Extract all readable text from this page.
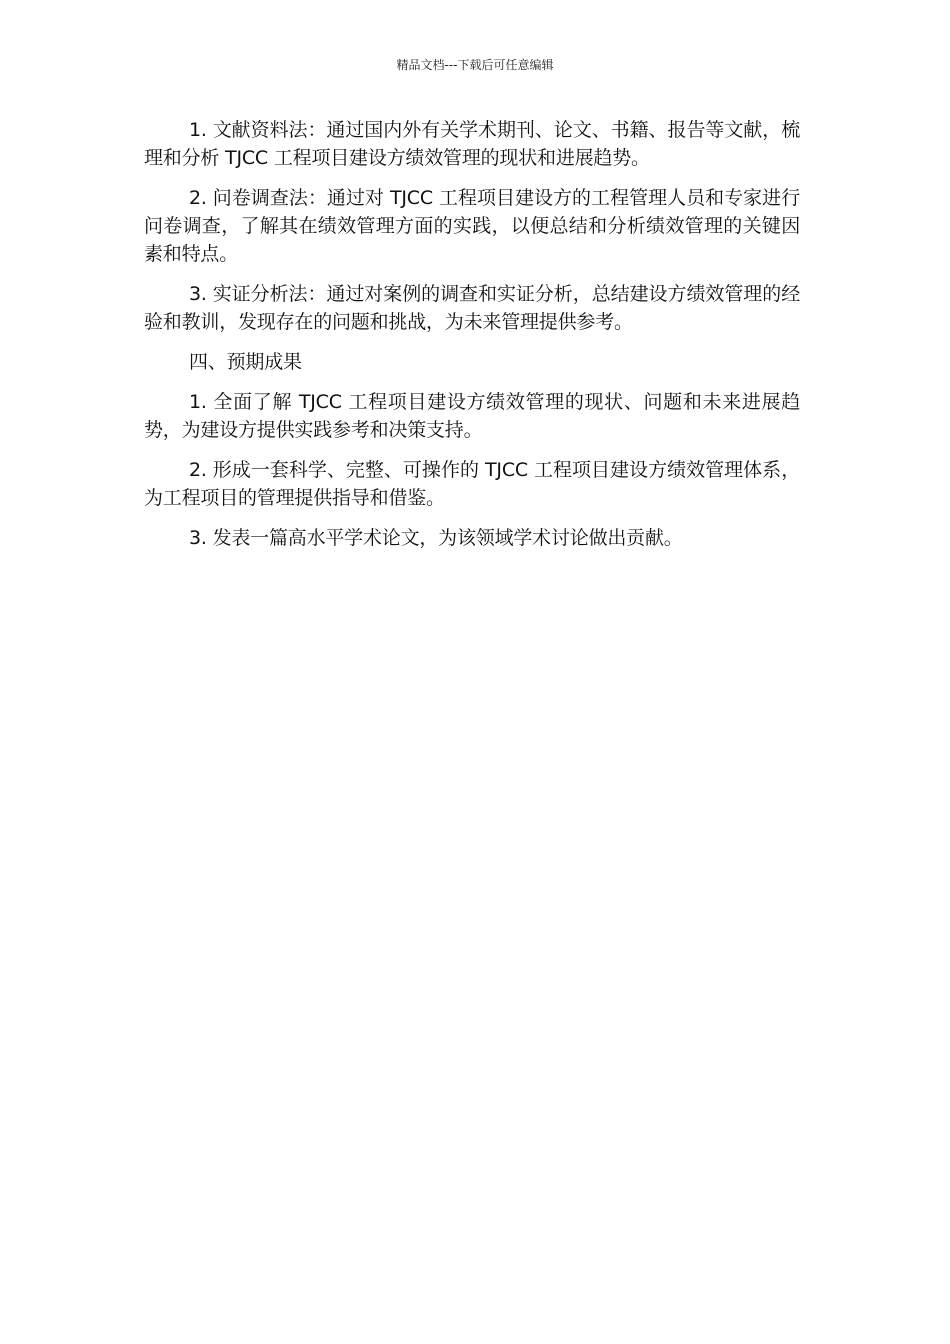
精品文档---下载后可任意编辑

1. 文献资料法：通过国内外有关学术期刊、论文、书籍、报告等文献，梳理和分析 TJCC 工程项目建设方绩效管理的现状和进展趋势。

2. 问卷调查法：通过对 TJCC 工程项目建设方的工程管理人员和专家进行问卷调查，了解其在绩效管理方面的实践，以便总结和分析绩效管理的关键因素和特点。

3. 实证分析法：通过对案例的调查和实证分析，总结建设方绩效管理的经验和教训，发现存在的问题和挑战，为未来管理提供参考。

四、预期成果

1. 全面了解 TJCC 工程项目建设方绩效管理的现状、问题和未来进展趋势，为建设方提供实践参考和决策支持。

2. 形成一套科学、完整、可操作的 TJCC 工程项目建设方绩效管理体系，为工程项目的管理提供指导和借鉴。

3. 发表一篇高水平学术论文，为该领域学术讨论做出贡献。
